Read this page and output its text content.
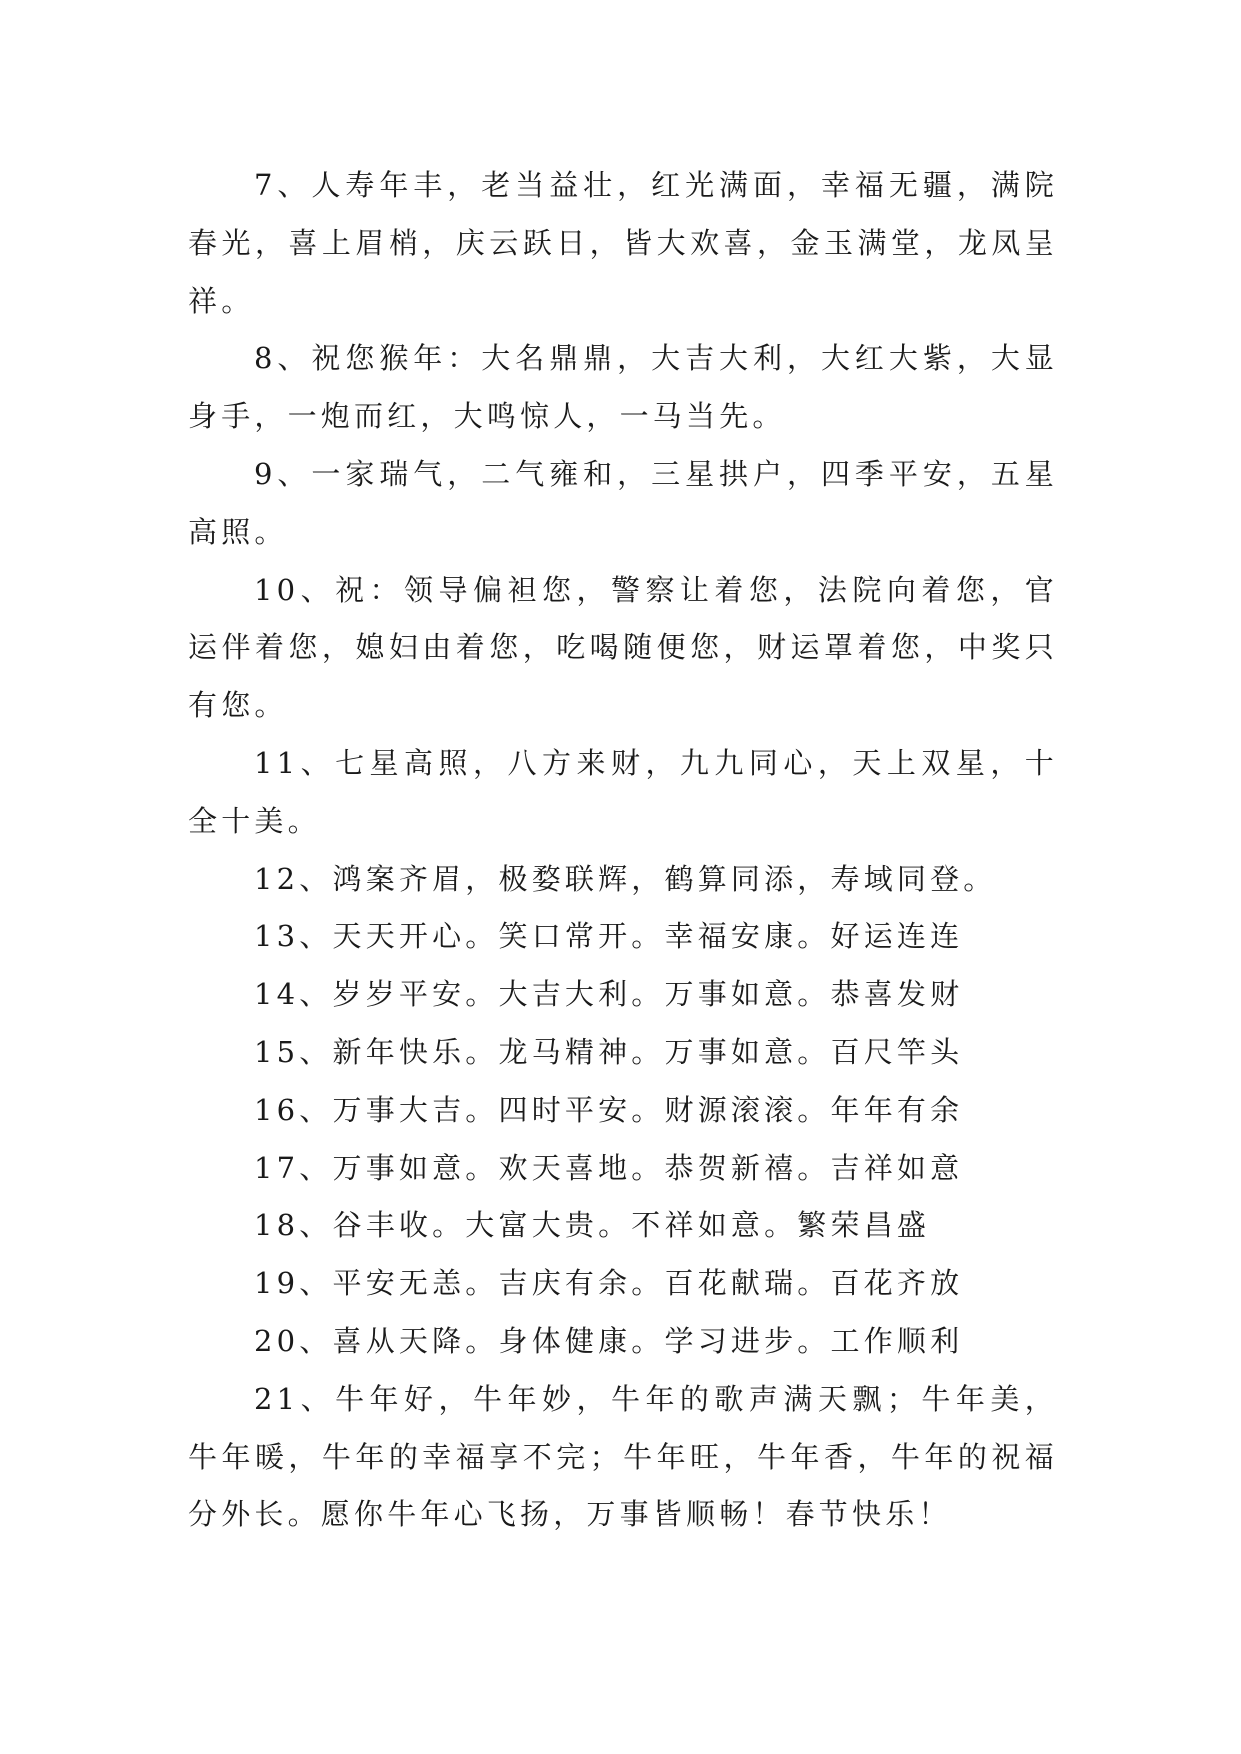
7、人寿年丰，老当益壮，红光满面，幸福无疆，满院春光，喜上眉梢，庆云跃日，皆大欢喜，金玉满堂，龙凤呈祥。

8、祝您猴年：大名鼎鼎，大吉大利，大红大紫，大显身手，一炮而红，大鸣惊人，一马当先。

9、一家瑞气，二气雍和，三星拱户，四季平安，五星高照。

10、祝：领导偏袒您，警察让着您，法院向着您，官运伴着您，媳妇由着您，吃喝随便您，财运罩着您，中奖只有您。

11、七星高照，八方来财，九九同心，天上双星，十全十美。

12、鸿案齐眉，极婺联辉，鹤算同添，寿域同登。

13、天天开心。笑口常开。幸福安康。好运连连

14、岁岁平安。大吉大利。万事如意。恭喜发财

15、新年快乐。龙马精神。万事如意。百尺竿头

16、万事大吉。四时平安。财源滚滚。年年有余

17、万事如意。欢天喜地。恭贺新禧。吉祥如意

18、谷丰收。大富大贵。不祥如意。繁荣昌盛

19、平安无恙。吉庆有余。百花献瑞。百花齐放

20、喜从天降。身体健康。学习进步。工作顺利

21、牛年好，牛年妙，牛年的歌声满天飘；牛年美，牛年暖，牛年的幸福享不完；牛年旺，牛年香，牛年的祝福分外长。愿你牛年心飞扬，万事皆顺畅！春节快乐！
